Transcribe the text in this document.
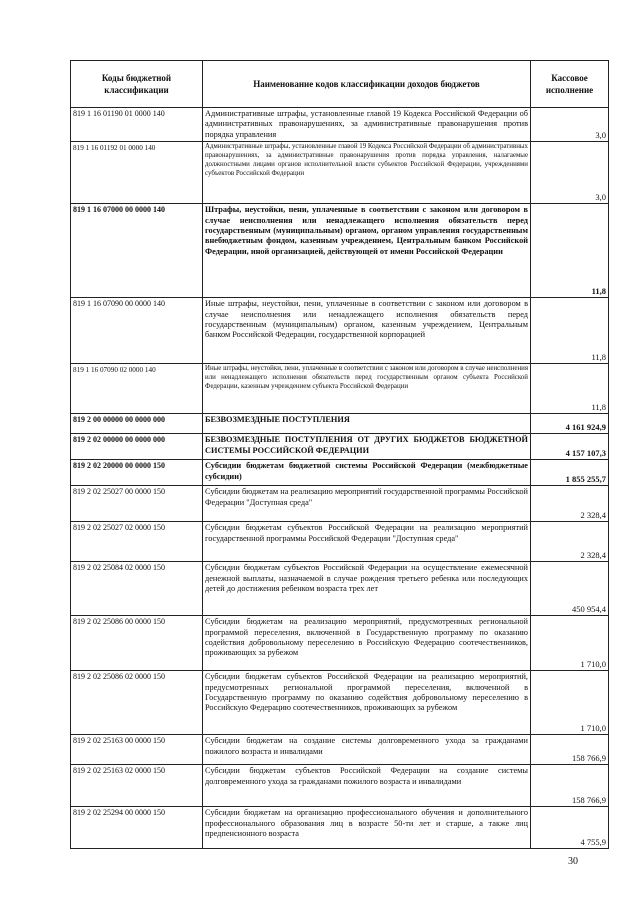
Коды бюджетной классификации	Наименование кодов классификации доходов бюджетов	Кассовое исполнение
819 1 16 01190 01 0000 140	Административные штрафы, установленные главой 19 Кодекса Российской Федерации об административных правонарушениях, за административные правонарушения против порядка управления	3,0
819 1 16 01192 01 0000 140	Административные штрафы, установленные главой 19 Кодекса Российской Федерации об административных правонарушениях, за административные правонарушения против порядка управления, налагаемые должностными лицами органов исполнительной власти субъектов Российской Федерации, учреждениями субъектов Российской Федерации	3,0
819 1 16 07000 00 0000 140	Штрафы, неустойки, пени, уплаченные в соответствии с законом или договором в случае неисполнения или ненадлежащего исполнения обязательств перед государственным (муниципальным) органом, органом управления государственным внебюджетным фондом, казенным учреждением, Центральным банком Российской Федерации, иной организацией, действующей от имени Российской Федерации	11,8
819 1 16 07090 00 0000 140	Иные штрафы, неустойки, пени, уплаченные в соответствии с законом или договором в случае неисполнения или ненадлежащего исполнения обязательств перед государственным (муниципальным) органом, казенным учреждением, Центральным банком Российской Федерации, государственной корпорацией	11,8
819 1 16 07090 02 0000 140	Иные штрафы, неустойки, пени, уплаченные в соответствии с законом или договором в случае неисполнения или ненадлежащего исполнения обязательств перед государственным органом субъекта Российской Федерации, казенным учреждением субъекта Российской Федерации	11,8
819 2 00 00000 00 0000 000	БЕЗВОЗМЕЗДНЫЕ ПОСТУПЛЕНИЯ	4 161 924,9
819 2 02 00000 00 0000 000	БЕЗВОЗМЕЗДНЫЕ ПОСТУПЛЕНИЯ ОТ ДРУГИХ БЮДЖЕТОВ БЮДЖЕТНОЙ СИСТЕМЫ РОССИЙСКОЙ ФЕДЕРАЦИИ	4 157 107,3
819 2 02 20000 00 0000 150	Субсидии бюджетам бюджетной системы Российской Федерации (межбюджетные субсидии)	1 855 255,7
819 2 02 25027 00 0000 150	Субсидии бюджетам на реализацию мероприятий государственной программы Российской Федерации "Доступная среда"	2 328,4
819 2 02 25027 02 0000 150	Субсидии бюджетам субъектов Российской Федерации на реализацию мероприятий государственной программы Российской Федерации "Доступная среда"	2 328,4
819 2 02 25084 02 0000 150	Субсидии бюджетам субъектов Российской Федерации на осуществление ежемесячной денежной выплаты, назначаемой в случае рождения третьего ребенка или последующих детей до достижения ребенком возраста трех лет	450 954,4
819 2 02 25086 00 0000 150	Субсидии бюджетам на реализацию мероприятий, предусмотренных региональной программой переселения, включенной в Государственную программу по оказанию содействия добровольному переселению в Российскую Федерацию соотечественников, проживающих за рубежом	1 710,0
819 2 02 25086 02 0000 150	Субсидии бюджетам субъектов Российской Федерации на реализацию мероприятий, предусмотренных региональной программой переселения, включенной в Государственную программу по оказанию содействия добровольному переселению в Российскую Федерацию соотечественников, проживающих за рубежом	1 710,0
819 2 02 25163 00 0000 150	Субсидии бюджетам на создание системы долговременного ухода за гражданами пожилого возраста и инвалидами	158 766,9
819 2 02 25163 02 0000 150	Субсидии бюджетам субъектов Российской Федерации на создание системы долговременного ухода за гражданами пожилого возраста и инвалидами	158 766,9
819 2 02 25294 00 0000 150	Субсидии бюджетам на организацию профессионального обучения и дополнительного профессионального образования лиц в возрасте 50-ти лет и старше, а также лиц предпенсионного возраста	4 755,9
30
